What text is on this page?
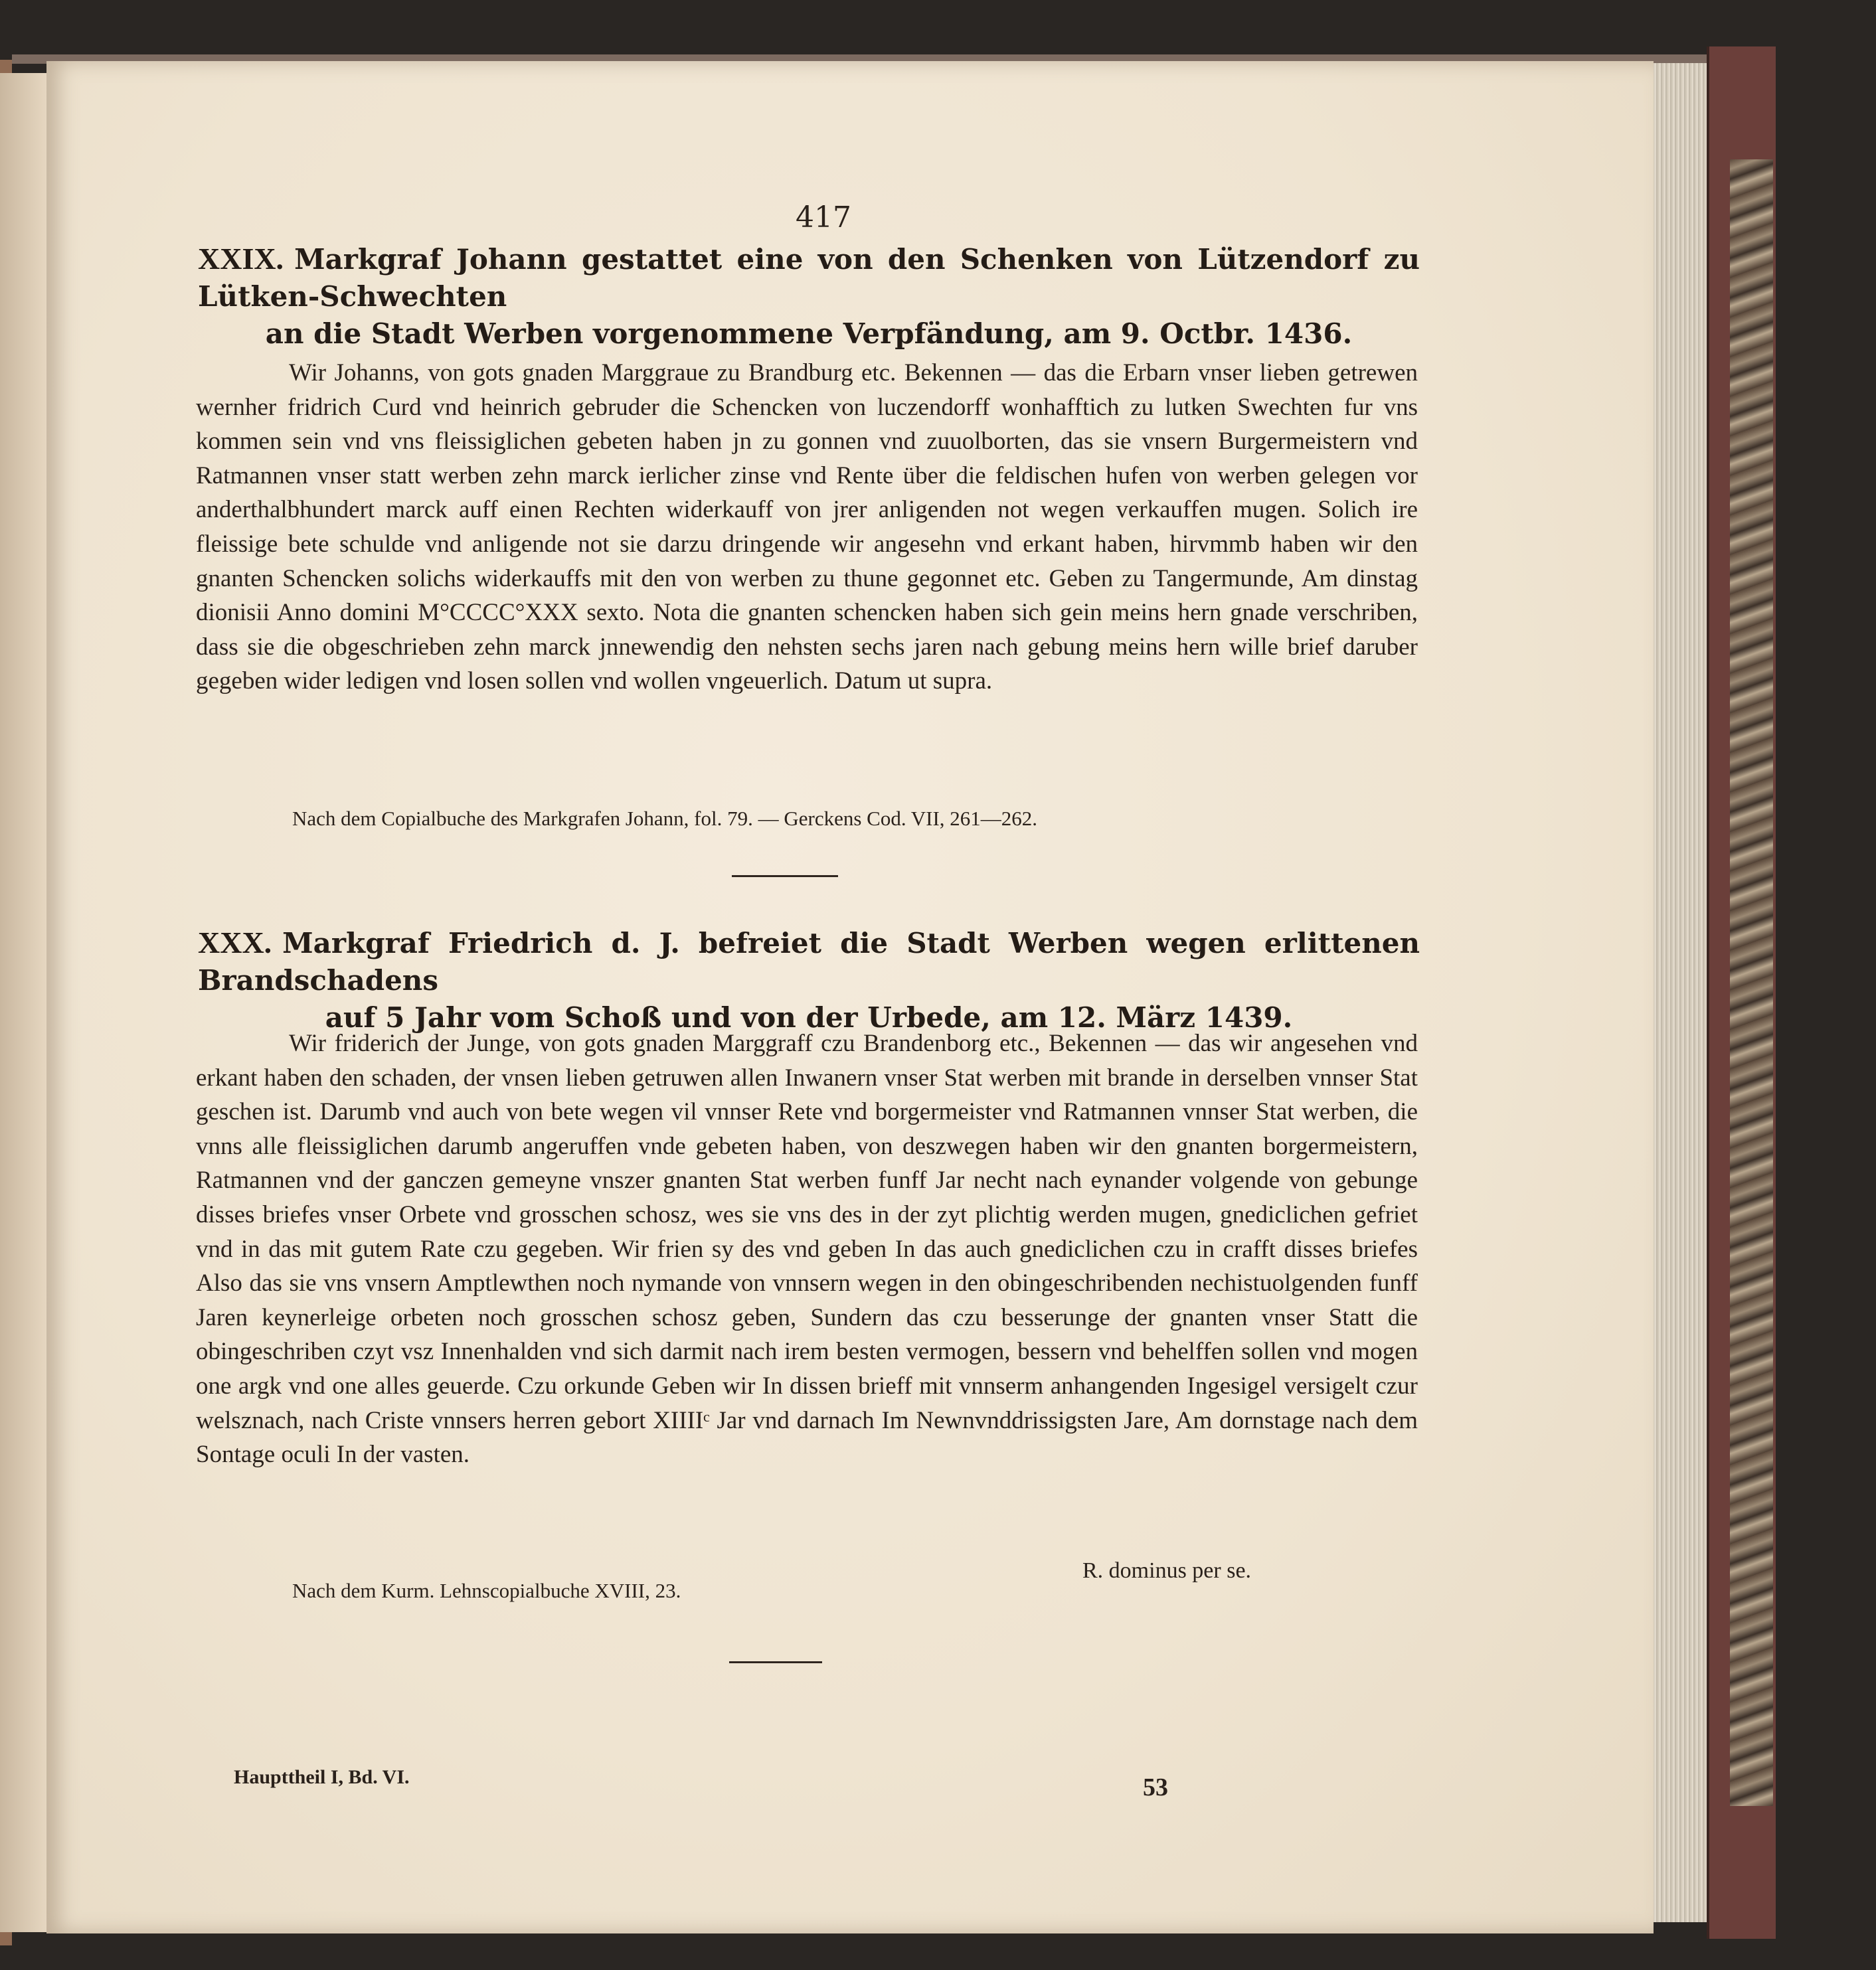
417
XXIX. Markgraf Johann gestattet eine von den Schenken von Lützendorf zu Lütken-Schwechten
an die Stadt Werben vorgenommene Verpfändung, am 9. Octbr. 1436.

Wir Johanns, von gots gnaden Marggraue zu Brandburg etc. Bekennen — das die Erbarn vnser lieben getrewen wernher fridrich Curd vnd heinrich gebruder die Schencken von luczendorff wonhafftich zu lutken Swechten fur vns kommen sein vnd vns fleissiglichen gebeten haben jn zu gonnen vnd zuuolborten, das sie vnsern Burgermeistern vnd Ratmannen vnser statt werben zehn marck ierlicher zinse vnd Rente über die feldischen hufen von werben gelegen vor anderthalbhundert marck auff einen Rechten widerkauff von jrer anligenden not wegen verkauffen mugen. Solich ire fleissige bete schulde vnd anligende not sie darzu dringende wir angesehn vnd erkant haben, hirvmmb haben wir den gnanten Schencken solichs widerkauffs mit den von werben zu thune gegonnet etc. Geben zu Tangermunde, Am dinstag dionisii Anno domini M°CCCC°XXX sexto. Nota die gnanten schencken haben sich gein meins hern gnade verschriben, dass sie die obgeschrieben zehn marck jnnewendig den nehsten sechs jaren nach gebung meins hern wille brief daruber gegeben wider ledigen vnd losen sollen vnd wollen vngeuerlich. Datum ut supra.

Nach dem Copialbuche des Markgrafen Johann, fol. 79. — Gerckens Cod. VII, 261—262.
XXX. Markgraf Friedrich d. J. befreiet die Stadt Werben wegen erlittenen Brandschadens
auf 5 Jahr vom Schoß und von der Urbede, am 12. März 1439.

Wir friderich der Junge, von gots gnaden Marggraff czu Brandenborg etc., Bekennen — das wir angesehen vnd erkant haben den schaden, der vnsen lieben getruwen allen Inwanern vnser Stat werben mit brande in derselben vnnser Stat geschen ist. Darumb vnd auch von bete wegen vil vnnser Rete vnd borgermeister vnd Ratmannen vnnser Stat werben, die vnns alle fleissiglichen darumb angeruffen vnde gebeten haben, von deszwegen haben wir den gnanten borgermeistern, Ratmannen vnd der ganczen gemeyne vnszer gnanten Stat werben funff Jar necht nach eynander volgende von gebunge disses briefes vnser Orbete vnd grosschen schosz, wes sie vns des in der zyt plichtig werden mugen, gnediclichen gefriet vnd in das mit gutem Rate czu gegeben. Wir frien sy des vnd geben In das auch gnediclichen czu in crafft disses briefes Also das sie vns vnsern Amptlewthen noch nymande von vnnsern wegen in den obingeschribenden nechistuolgenden funff Jaren keynerleige orbeten noch grosschen schosz geben, Sundern das czu besserunge der gnanten vnser Statt die obingeschriben czyt vsz Innenhalden vnd sich darmit nach irem besten vermogen, bessern vnd behelffen sollen vnd mogen one argk vnd one alles geuerde. Czu orkunde Geben wir In dissen brieff mit vnnserm anhangenden Ingesigel versigelt czur welsznach, nach Criste vnnsers herren gebort XIIIIᶜ Jar vnd darnach Im Newnvnddrissigsten Jare, Am dornstage nach dem Sontage oculi In der vasten.

R. dominus per se.
Nach dem Kurm. Lehnscopialbuche XVIII, 23.
Haupttheil I, Bd. VI.	53
